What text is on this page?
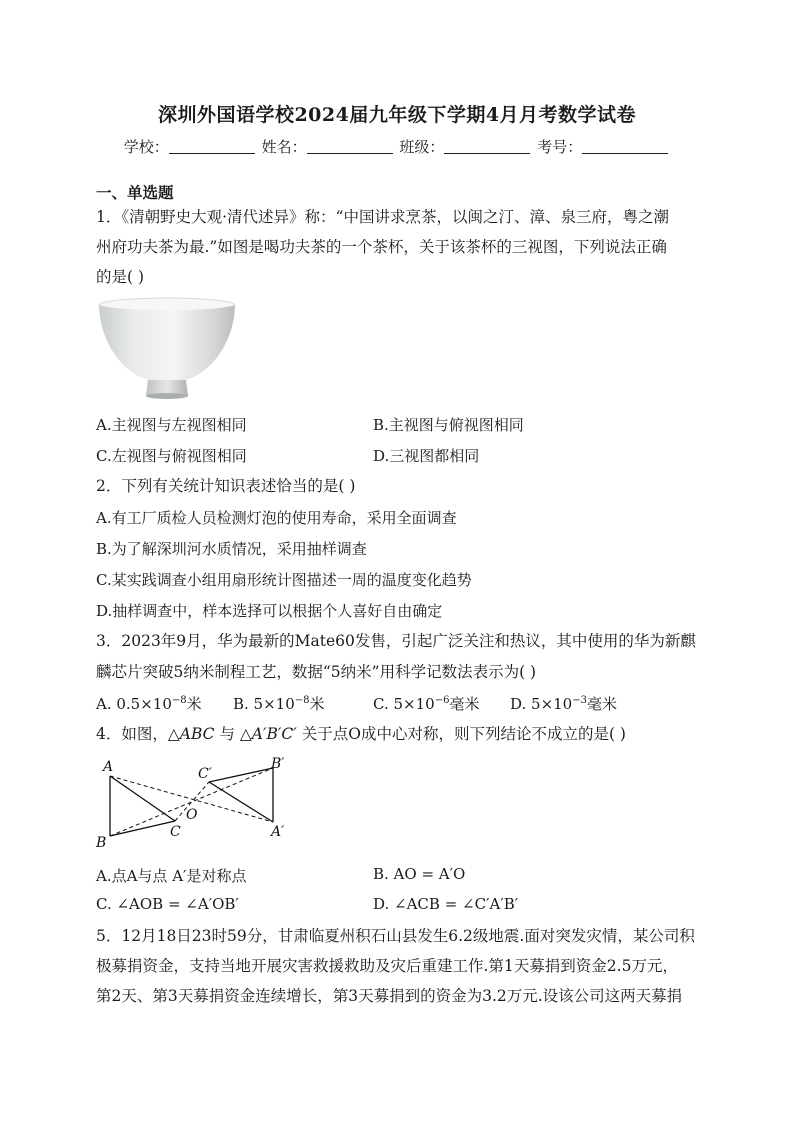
深圳外国语学校2024届九年级下学期4月月考数学试卷
学校：	姓名：	班级：	考号：
一、单选题
1．《清朝野史大观·清代述异》称：“中国讲求烹茶，以闽之汀、漳、泉三府，粤之潮
州府功夫茶为最.”如图是喝功夫茶的一个茶杯，关于该茶杯的三视图，下列说法正确
的是( )
A.主视图与左视图相同	B.主视图与俯视图相同
C.左视图与俯视图相同	D.三视图都相同
2．下列有关统计知识表述恰当的是( )
A.有工厂质检人员检测灯泡的使用寿命，采用全面调查
B.为了解深圳河水质情况，采用抽样调查
C.某实践调查小组用扇形统计图描述一周的温度变化趋势
D.抽样调查中，样本选择可以根据个人喜好自由确定
3．2023年9月，华为最新的Mate60发售，引起广泛关注和热议，其中使用的华为新麒
麟芯片突破5纳米制程工艺，数据“5纳米”用科学记数法表示为( )
A. $0.5\times 10^{-8}$米 B. $5\times 10^{-8}$米	C. $5\times 10^{-6}$毫米 D. $5\times 10^{-3}$毫米
4．如图，△ABC 与 △A′B′C′ 关于点O成中心对称，则下列结论不成立的是( )
A
B
C
O
A′
B′
C′
A.点A与点 A′是对称点	B. AO = A′O
C. ∠AOB = ∠A′OB′	D. ∠ACB = ∠C′A′B′
5．12月18日23时59分，甘肃临夏州积石山县发生6.2级地震.面对突发灾情，某公司积
极募捐资金，支持当地开展灾害救援救助及灾后重建工作.第1天募捐到资金2.5万元，
第2天、第3天募捐资金连续增长，第3天募捐到的资金为3.2万元.设该公司这两天募捐
